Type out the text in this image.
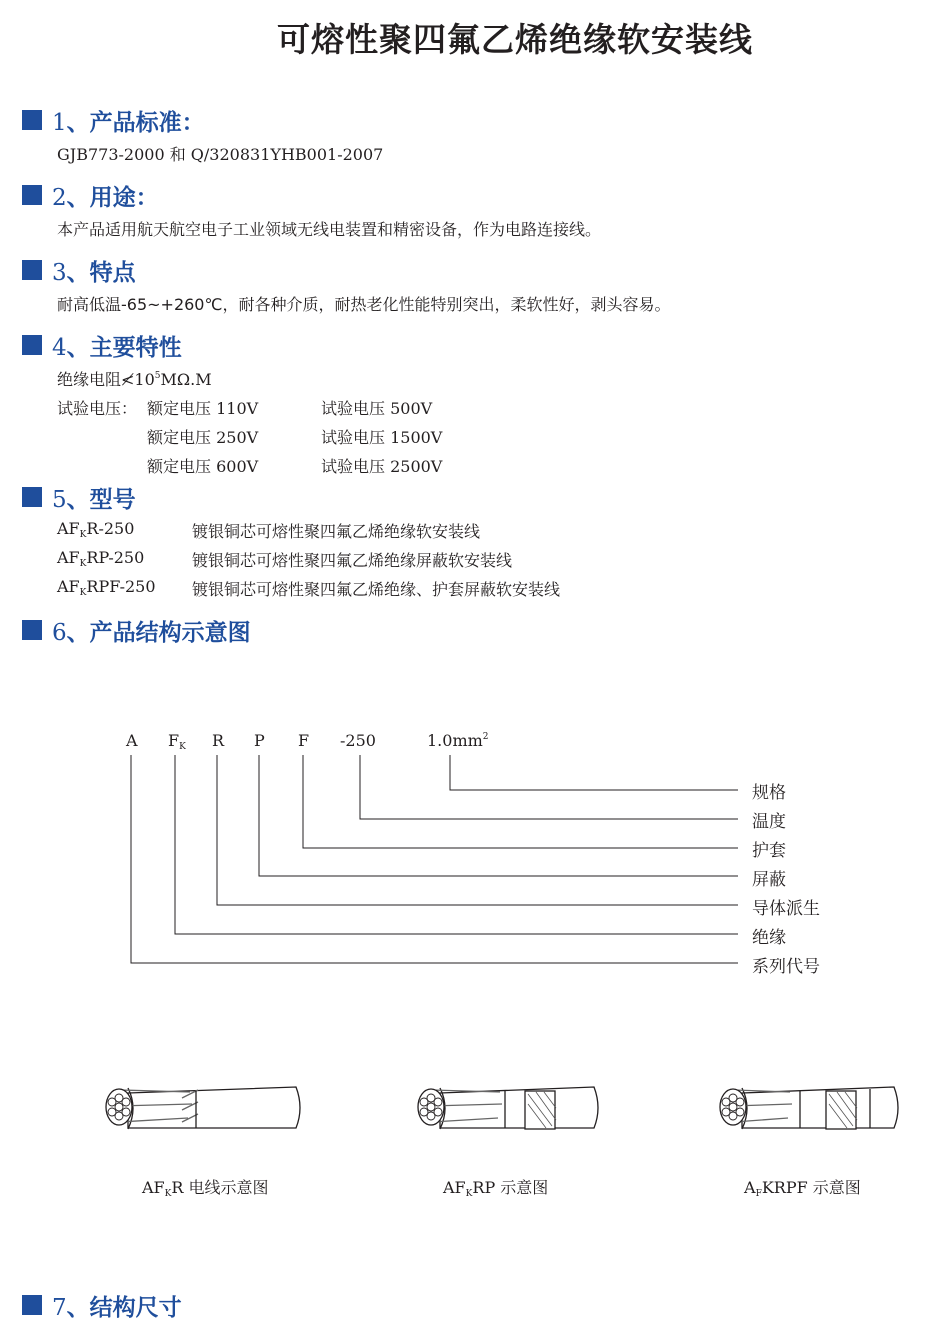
可熔性聚四氟乙烯绝缘软安装线
1、产品标准：
GJB773-2000 和 Q/320831YHB001-2007
2、用途：
本产品适用航天航空电子工业领域无线电装置和精密设备，作为电路连接线。
3、特点
耐高低温-65~+260℃，耐各种介质，耐热老化性能特别突出，柔软性好，剥头容易。
4、主要特性
绝缘电阻$≮10^5M\Omega.M$
试验电压： 额定电压 110V	试验电压 500V
额定电压 250V	试验电压 1500V
额定电压 600V	试验电压 2500V
5、型号
$AF_KR-250$	镀银铜芯可熔性聚四氟乙烯绝缘软安装线
$AF_KRP-250$	镀银铜芯可熔性聚四氟乙烯绝缘屏蔽软安装线
$AF_KRPF-250$ 镀银铜芯可熔性聚四氟乙烯绝缘、护套屏蔽软安装线
6、产品结构示意图
A $F_K$ R P F -250	$1.0mm^2$
规格
温度
护套
屏蔽
导体派生
绝缘
系列代号
$AF_KR$ 电线示意图	$AF_KRP$ 示意图	$A_FKRPF$ 示意图
7、结构尺寸
